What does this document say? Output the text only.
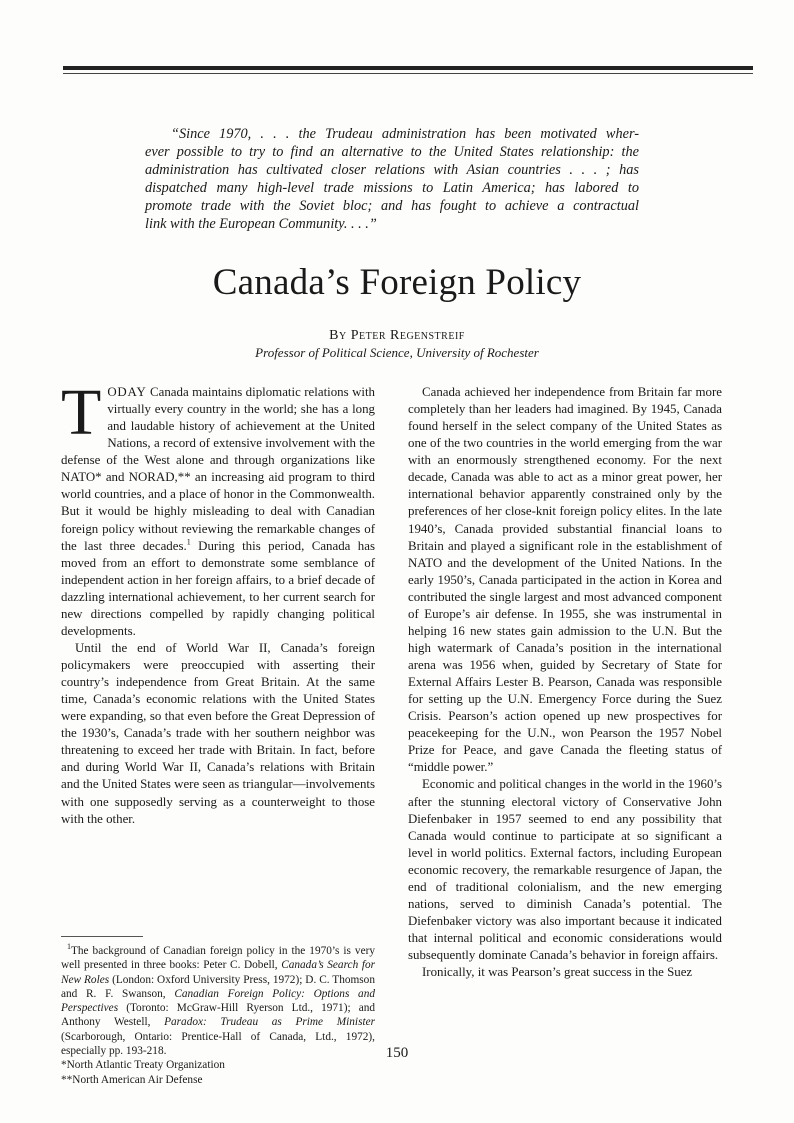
“Since 1970, . . . the Trudeau administration has been motivated wher-
ever possible to try to find an alternative to the United States relationship: the
administration has cultivated closer relations with Asian countries . . . ; has
dispatched many high-level trade missions to Latin America; has labored to
promote trade with the Soviet bloc; and has fought to achieve a contractual
link with the European Community. . . .”

Canada’s Foreign Policy
By Peter Regenstreif
Professor of Political Science, University of Rochester

TODAY Canada maintains diplomatic relations with virtually every country in the world; she has a long and laudable history of achievement at the United Nations, a record of extensive involvement with the defense of the West alone and through organizations like NATO* and NORAD,** an increasing aid program to third world countries, and a place of honor in the Commonwealth. But it would be highly misleading to deal with Canadian foreign policy without reviewing the remarkable changes of the last three decades.$^1$ During this period, Canada has moved from an effort to demonstrate some semblance of independent action in her foreign affairs, to a brief decade of dazzling international achievement, to her current search for new directions compelled by rapidly changing political developments.

Until the end of World War II, Canada’s foreign policymakers were preoccupied with asserting their country’s independence from Great Britain. At the same time, Canada’s economic relations with the United States were expanding, so that even before the Great Depression of the 1930’s, Canada’s trade with her southern neighbor was threatening to exceed her trade with Britain. In fact, before and during World War II, Canada’s relations with Britain and the United States were seen as triangular—involvements with one supposedly serving as a counterweight to those with the other.

$^1$The background of Canadian foreign policy in the 1970’s is very well presented in three books: Peter C. Dobell, Canada’s Search for New Roles (London: Oxford University Press, 1972); D. C. Thomson and R. F. Swanson, Canadian Foreign Policy: Options and Perspectives (Toronto: McGraw-Hill Ryerson Ltd., 1971); and Anthony Westell, Paradox: Trudeau as Prime Minister (Scarborough, Ontario: Prentice-Hall of Canada, Ltd., 1972), especially pp. 193-218.

*North Atlantic Treaty Organization

**North American Air Defense

Canada achieved her independence from Britain far more completely than her leaders had imagined. By 1945, Canada found herself in the select company of the United States as one of the two countries in the world emerging from the war with an enormously strengthened economy. For the next decade, Canada was able to act as a minor great power, her international behavior apparently constrained only by the preferences of her close-knit foreign policy elites. In the late 1940’s, Canada provided substantial financial loans to Britain and played a significant role in the establishment of NATO and the development of the United Nations. In the early 1950’s, Canada participated in the action in Korea and contributed the single largest and most advanced component of Europe’s air defense. In 1955, she was instrumental in helping 16 new states gain admission to the U.N. But the high watermark of Canada’s position in the international arena was 1956 when, guided by Secretary of State for External Affairs Lester B. Pearson, Canada was responsible for setting up the U.N. Emergency Force during the Suez Crisis. Pearson’s action opened up new prospectives for peacekeeping for the U.N., won Pearson the 1957 Nobel Prize for Peace, and gave Canada the fleeting status of “middle power.”

Economic and political changes in the world in the 1960’s after the stunning electoral victory of Conservative John Diefenbaker in 1957 seemed to end any possibility that Canada would continue to participate at so significant a level in world politics. External factors, including European economic recovery, the remarkable resurgence of Japan, the end of traditional colonialism, and the new emerging nations, served to diminish Canada’s potential. The Diefenbaker victory was also important because it indicated that internal political and economic considerations would subsequently dominate Canada’s behavior in foreign affairs.

Ironically, it was Pearson’s great success in the Suez

150
